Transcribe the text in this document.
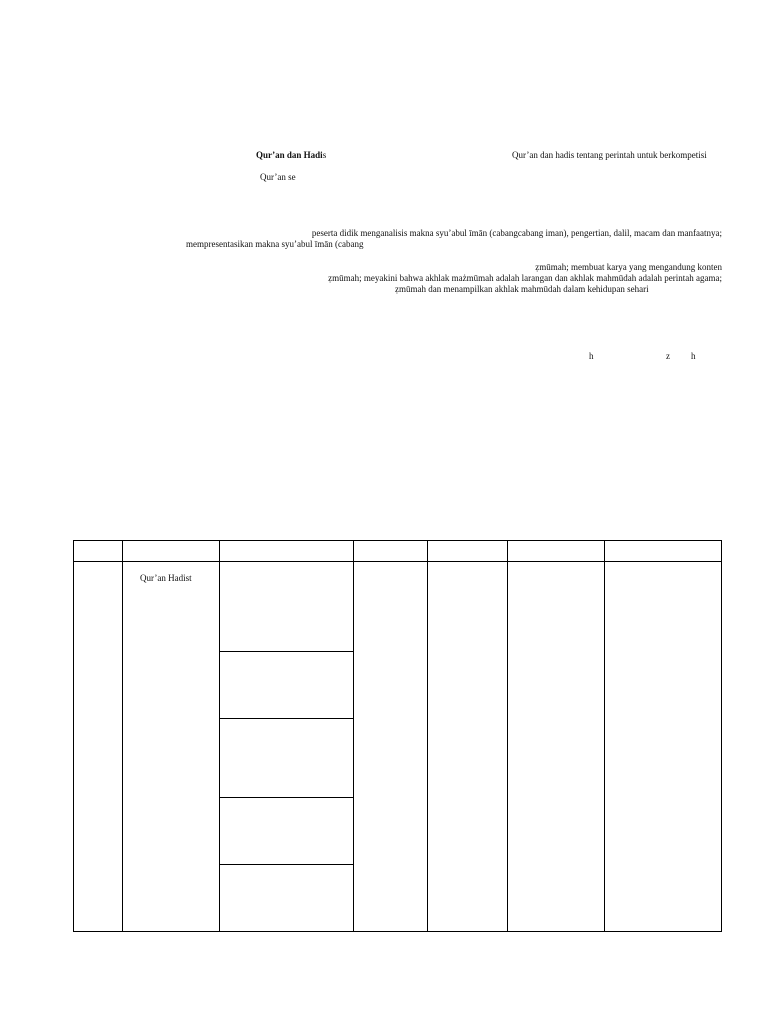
Qur’an dan Hadis	Qur’an dan hadis tentang perintah untuk berkompetisi
Qur’an se
peserta didik menganalisis makna syu’abul īmān (cabangcabang iman), pengertian, dalil, macam dan manfaatnya;
mempresentasikan makna syu’abul īmān (cabang
ẓmūmah; membuat karya yang mengandung konten
ẓmūmah; meyakini bahwa akhlak mażmūmah adalah larangan dan akhlak mahmūdah adalah perintah agama;
ẓmūmah dan menampilkan akhlak mahmūdah dalam kehidupan sehari
h	z h

	Qur’an Hadist					
